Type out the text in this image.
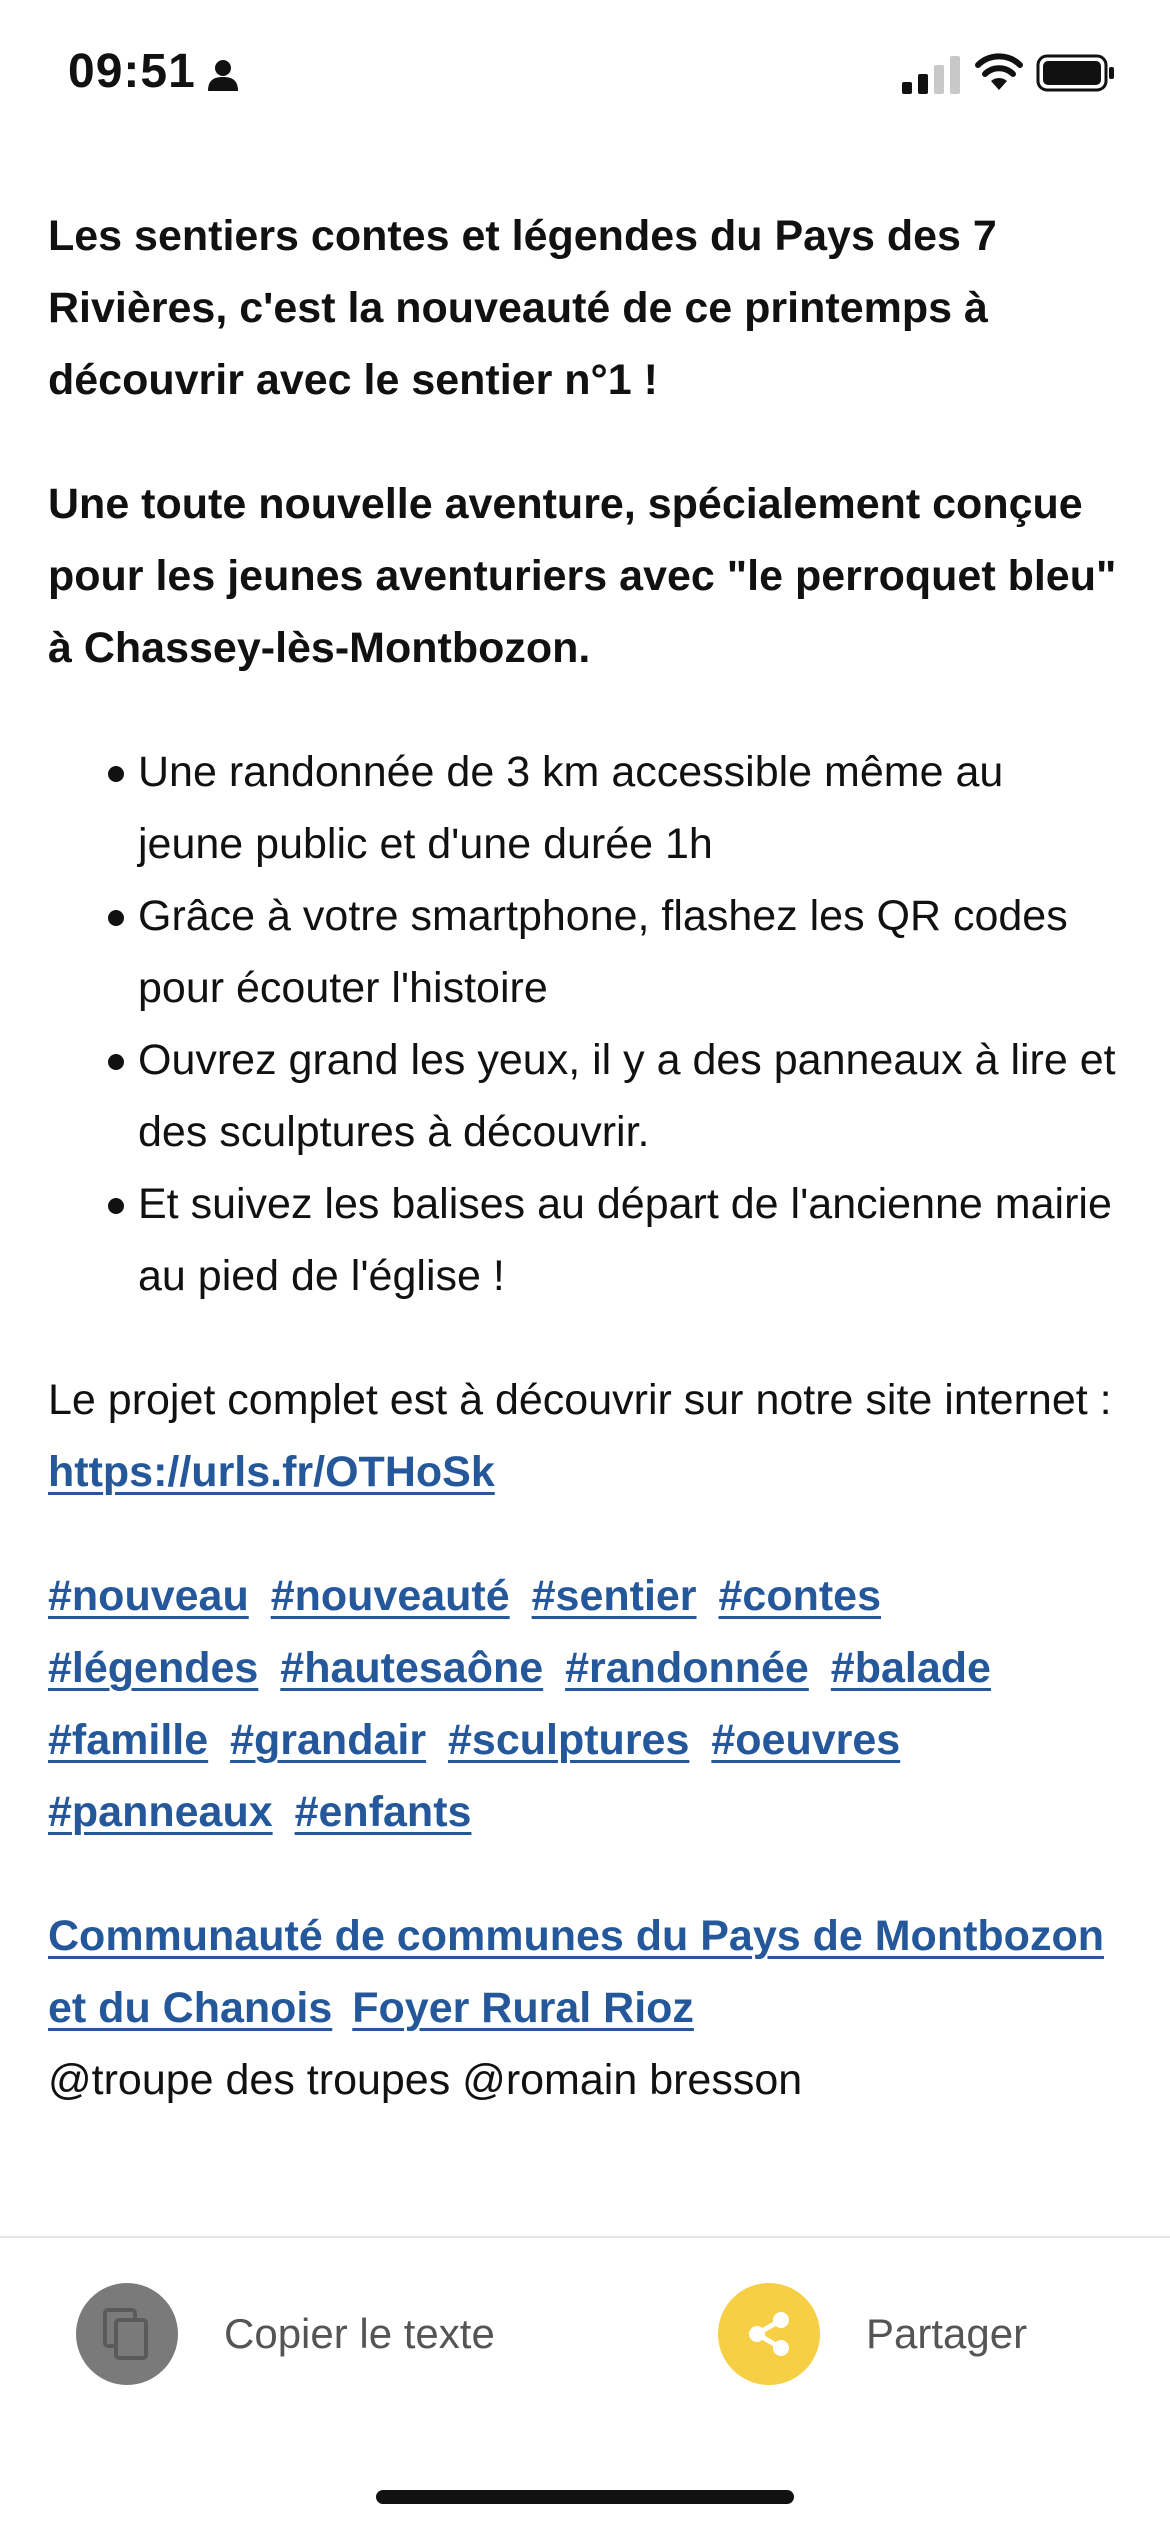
09:51

Les sentiers contes et légendes du Pays des 7 Rivières, c'est la nouveauté de ce printemps à découvrir avec le sentier n°1 !

Une toute nouvelle aventure, spécialement conçue pour les jeunes aventuriers avec "le perroquet bleu" à Chassey-lès-Montbozon.

Une randonnée de 3 km accessible même au jeune public et d'une durée 1h
Grâce à votre smartphone, flashez les QR codes pour écouter l'histoire
Ouvrez grand les yeux, il y a des panneaux à lire et des sculptures à découvrir.
Et suivez les balises au départ de l'ancienne mairie au pied de l'église !

Le projet complet est à découvrir sur notre site internet : https://urls.fr/OTHoSk

#nouveau #nouveauté #sentier #contes #légendes #hautesaône #randonnée #balade #famille #grandair #sculptures #oeuvres #panneaux #enfants

Communauté de communes du Pays de Montbozon et du Chanois Foyer Rural Rioz
@troupe des troupes @romain bresson

Copier le texte	Partager
